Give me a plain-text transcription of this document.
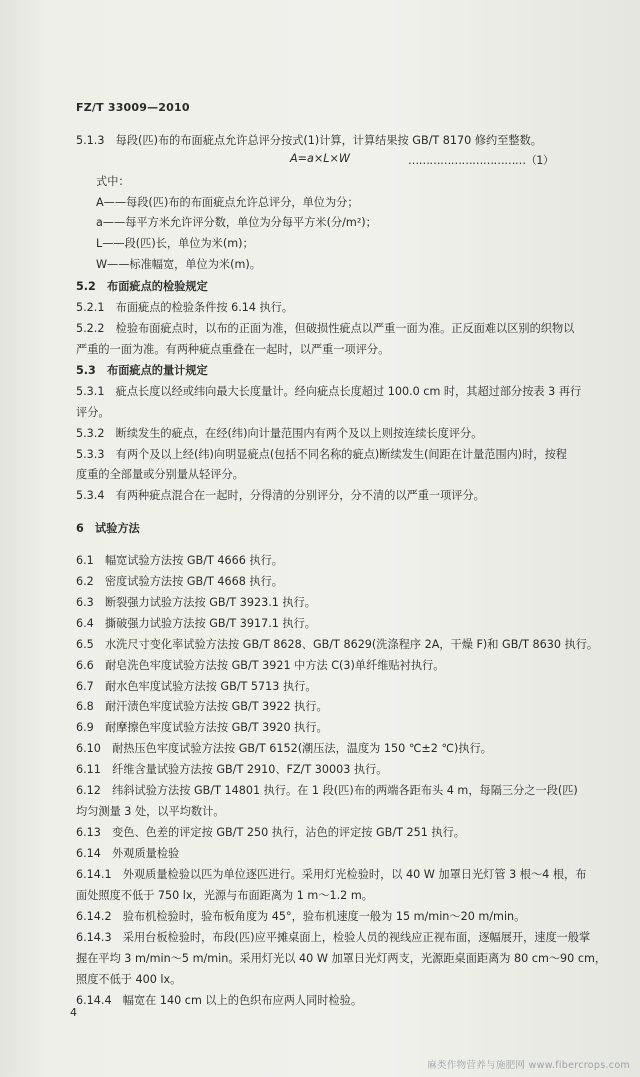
FZ/T 33009—2010
5.1.3　每段(匹)布的布面疵点允许总评分按式(1)计算，计算结果按 GB/T 8170 修约至整数。
A=a×L×W	……………………………（1）
式中：
A——每段(匹)布的布面疵点允许总评分，单位为分；
a——每平方米允许评分数，单位为分每平方米(分/m²)；
L——段(匹)长，单位为米(m)；
W——标准幅宽，单位为米(m)。
5.2　布面疵点的检验规定
5.2.1　布面疵点的检验条件按 6.14 执行。
5.2.2　检验布面疵点时，以布的正面为准，但破损性疵点以严重一面为准。正反面难以区别的织物以
严重的一面为准。有两种疵点重叠在一起时，以严重一项评分。
5.3　布面疵点的量计规定
5.3.1　疵点长度以经或纬向最大长度量计。经向疵点长度超过 100.0 cm 时，其超过部分按表 3 再行
评分。
5.3.2　断续发生的疵点，在经(纬)向计量范围内有两个及以上则按连续长度评分。
5.3.3　有两个及以上经(纬)向明显疵点(包括不同名称的疵点)断续发生(间距在计量范围内)时，按程
度重的全部量或分别量从轻评分。
5.3.4　有两种疵点混合在一起时，分得清的分别评分，分不清的以严重一项评分。
6　试验方法
6.1　幅宽试验方法按 GB/T 4666 执行。
6.2　密度试验方法按 GB/T 4668 执行。
6.3　断裂强力试验方法按 GB/T 3923.1 执行。
6.4　撕破强力试验方法按 GB/T 3917.1 执行。
6.5　水洗尺寸变化率试验方法按 GB/T 8628、GB/T 8629(洗涤程序 2A，干燥 F)和 GB/T 8630 执行。
6.6　耐皂洗色牢度试验方法按 GB/T 3921 中方法 C(3)单纤维贴衬执行。
6.7　耐水色牢度试验方法按 GB/T 5713 执行。
6.8　耐汗渍色牢度试验方法按 GB/T 3922 执行。
6.9　耐摩擦色牢度试验方法按 GB/T 3920 执行。
6.10　耐热压色牢度试验方法按 GB/T 6152(潮压法，温度为 150 ℃±2 ℃)执行。
6.11　纤维含量试验方法按 GB/T 2910、FZ/T 30003 执行。
6.12　纬斜试验方法按 GB/T 14801 执行。在 1 段(匹)布的两端各距布头 4 m，每隔三分之一段(匹)
均匀测量 3 处，以平均数计。
6.13　变色、色差的评定按 GB/T 250 执行，沾色的评定按 GB/T 251 执行。
6.14　外观质量检验
6.14.1　外观质量检验以匹为单位逐匹进行。采用灯光检验时，以 40 W 加罩日光灯管 3 根～4 根，布
面处照度不低于 750 lx，光源与布面距离为 1 m～1.2 m。
6.14.2　验布机检验时，验布板角度为 45°，验布机速度一般为 15 m/min～20 m/min。
6.14.3　采用台板检验时，布段(匹)应平摊桌面上，检验人员的视线应正视布面，逐幅展开，速度一般掌
握在平均 3 m/min～5 m/min。采用灯光以 40 W 加罩日光灯两支，光源距桌面距离为 80 cm～90 cm，
照度不低于 400 lx。
6.14.4　幅宽在 140 cm 以上的色织布应两人同时检验。
4
麻类作物营养与施肥网 www.fibercrops.com
